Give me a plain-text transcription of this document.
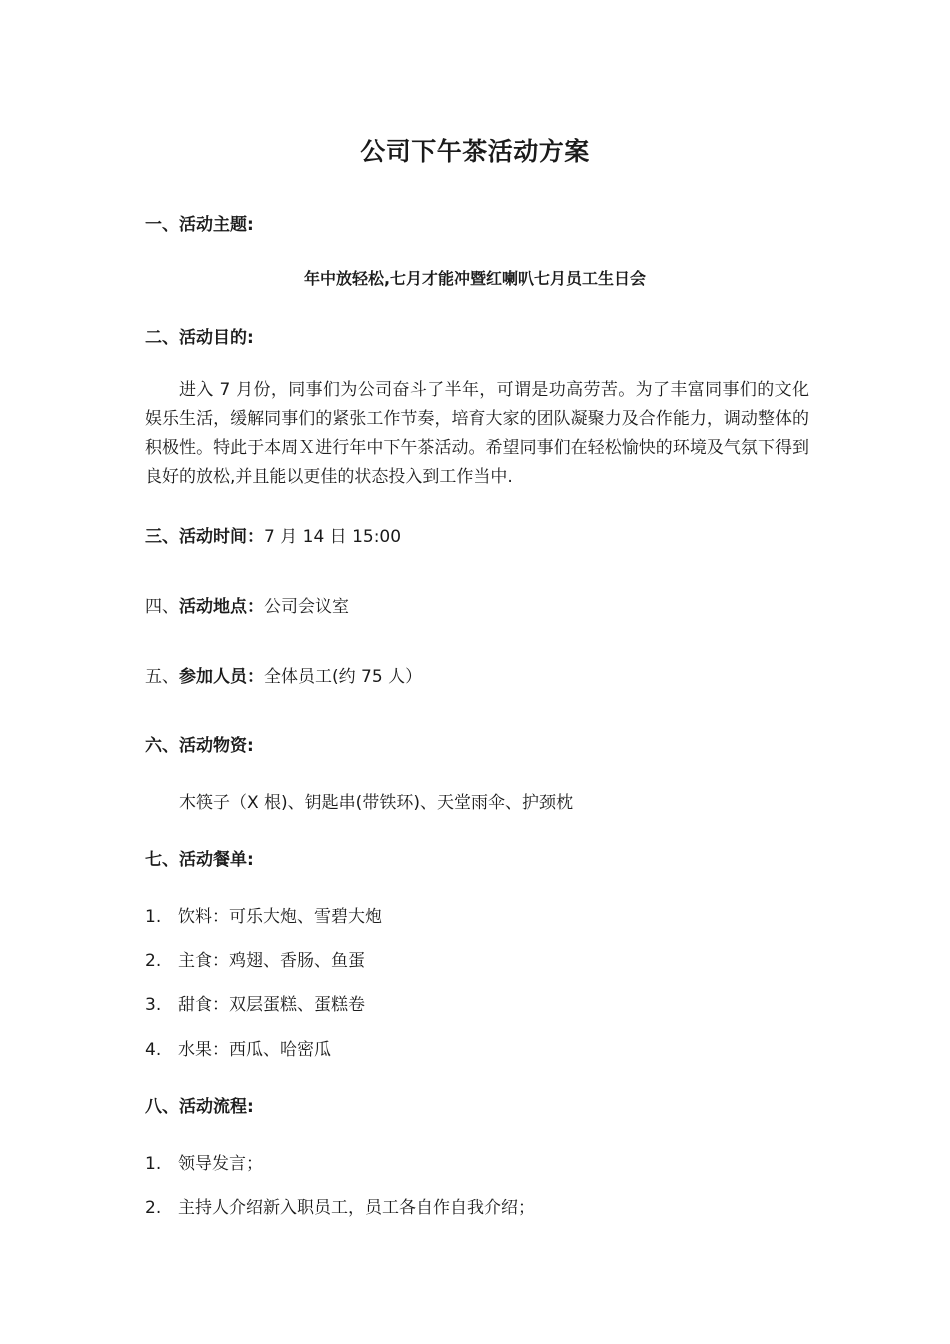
公司下午茶活动方案
一、活动主题:
年中放轻松,七月才能冲暨红喇叭七月员工生日会
二、活动目的:
进入 7 月份，同事们为公司奋斗了半年，可谓是功高劳苦。为了丰富同事们的文化娱乐生活，缓解同事们的紧张工作节奏，培育大家的团队凝聚力及合作能力，调动整体的积极性。特此于本周Ｘ进行年中下午茶活动。希望同事们在轻松愉快的环境及气氛下得到良好的放松,并且能以更佳的状态投入到工作当中.
三、活动时间：7 月 14 日 15:00
四、活动地点：公司会议室
五、参加人员：全体员工(约 75 人）
六、活动物资:
木筷子（X 根)、钥匙串(带铁环)、天堂雨伞、护颈枕
七、活动餐单:
1. 饮料：可乐大炮、雪碧大炮
2. 主食：鸡翅、香肠、鱼蛋
3. 甜食：双层蛋糕、蛋糕卷
4. 水果：西瓜、哈密瓜
八、活动流程:
1. 领导发言；
2. 主持人介绍新入职员工，员工各自作自我介绍；
